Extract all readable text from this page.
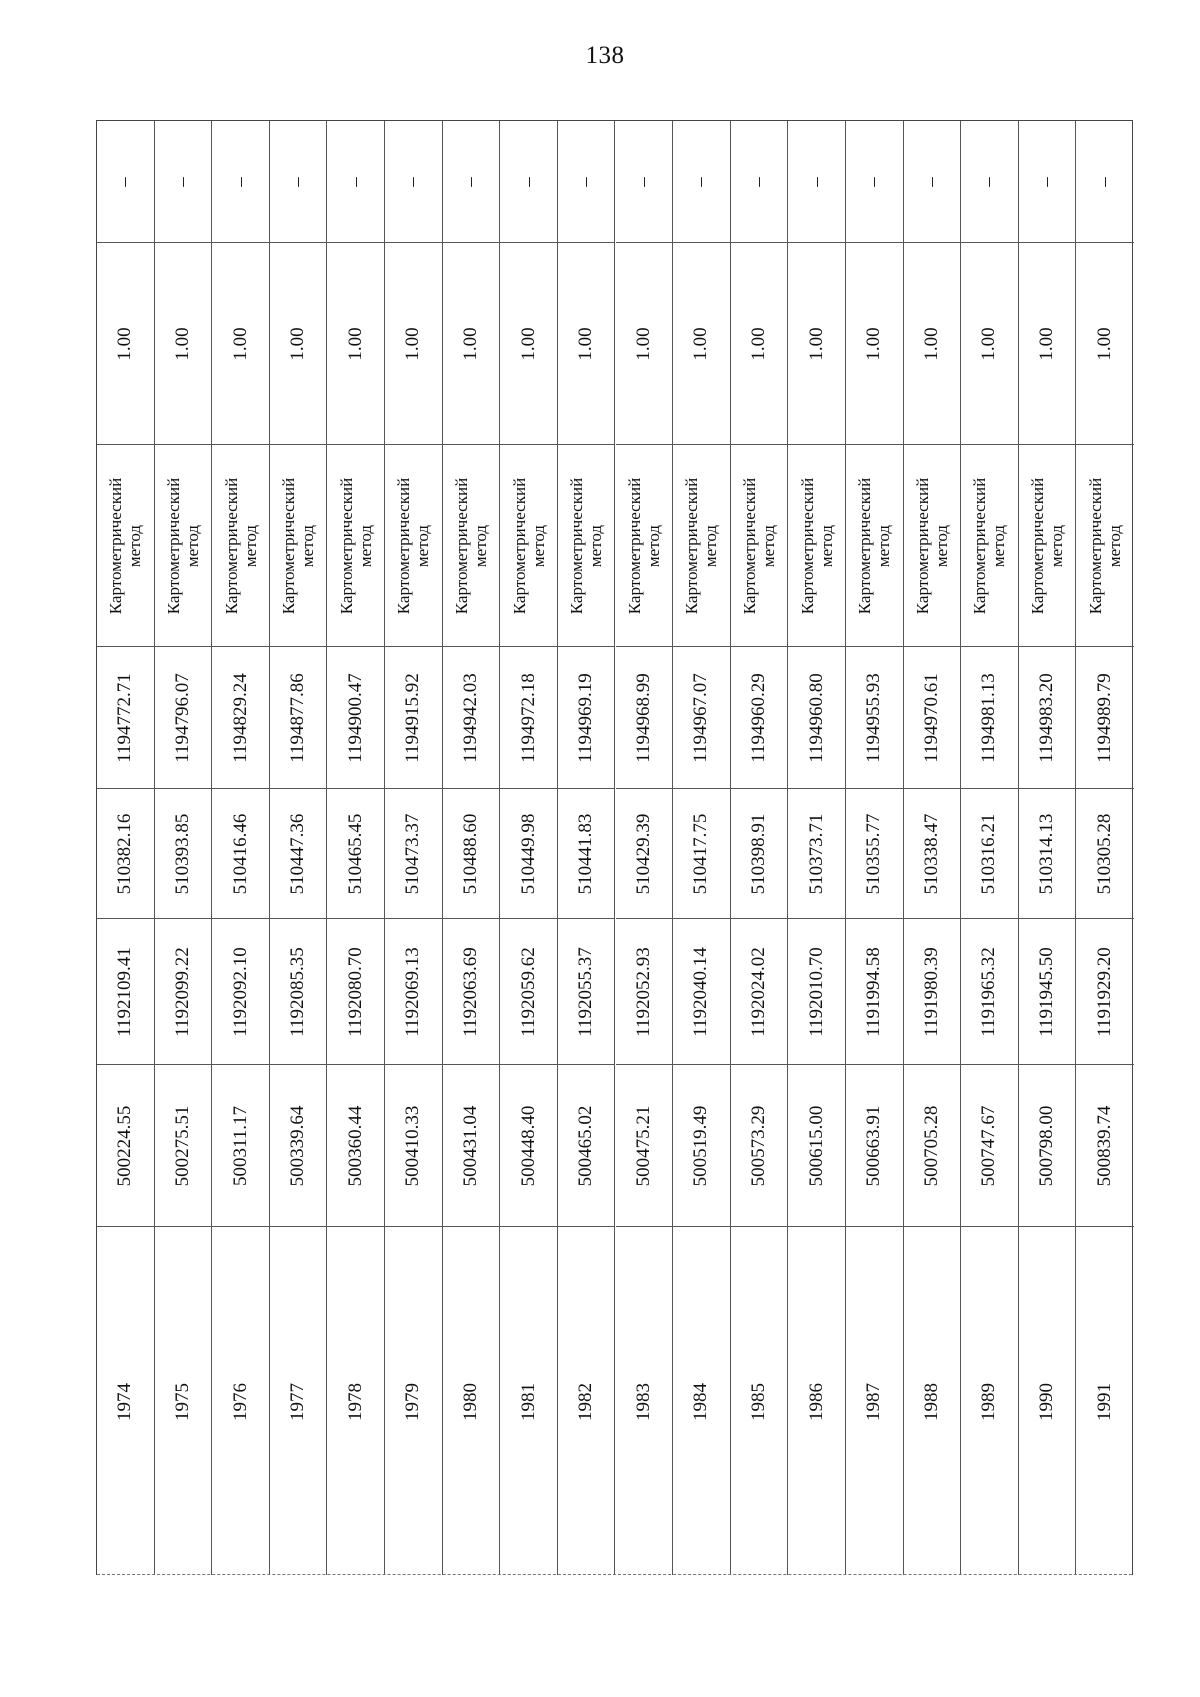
138
–
1.00
Картометрический метод
1194772.71
510382.16
1192109.41
500224.55
1974
–
1.00
Картометрический метод
1194796.07
510393.85
1192099.22
500275.51
1975
–
1.00
Картометрический метод
1194829.24
510416.46
1192092.10
500311.17
1976
–
1.00
Картометрический метод
1194877.86
510447.36
1192085.35
500339.64
1977
–
1.00
Картометрический метод
1194900.47
510465.45
1192080.70
500360.44
1978
–
1.00
Картометрический метод
1194915.92
510473.37
1192069.13
500410.33
1979
–
1.00
Картометрический метод
1194942.03
510488.60
1192063.69
500431.04
1980
–
1.00
Картометрический метод
1194972.18
510449.98
1192059.62
500448.40
1981
–
1.00
Картометрический метод
1194969.19
510441.83
1192055.37
500465.02
1982
–
1.00
Картометрический метод
1194968.99
510429.39
1192052.93
500475.21
1983
–
1.00
Картометрический метод
1194967.07
510417.75
1192040.14
500519.49
1984
–
1.00
Картометрический метод
1194960.29
510398.91
1192024.02
500573.29
1985
–
1.00
Картометрический метод
1194960.80
510373.71
1192010.70
500615.00
1986
–
1.00
Картометрический метод
1194955.93
510355.77
1191994.58
500663.91
1987
–
1.00
Картометрический метод
1194970.61
510338.47
1191980.39
500705.28
1988
–
1.00
Картометрический метод
1194981.13
510316.21
1191965.32
500747.67
1989
–
1.00
Картометрический метод
1194983.20
510314.13
1191945.50
500798.00
1990
–
1.00
Картометрический метод
1194989.79
510305.28
1191929.20
500839.74
1991
